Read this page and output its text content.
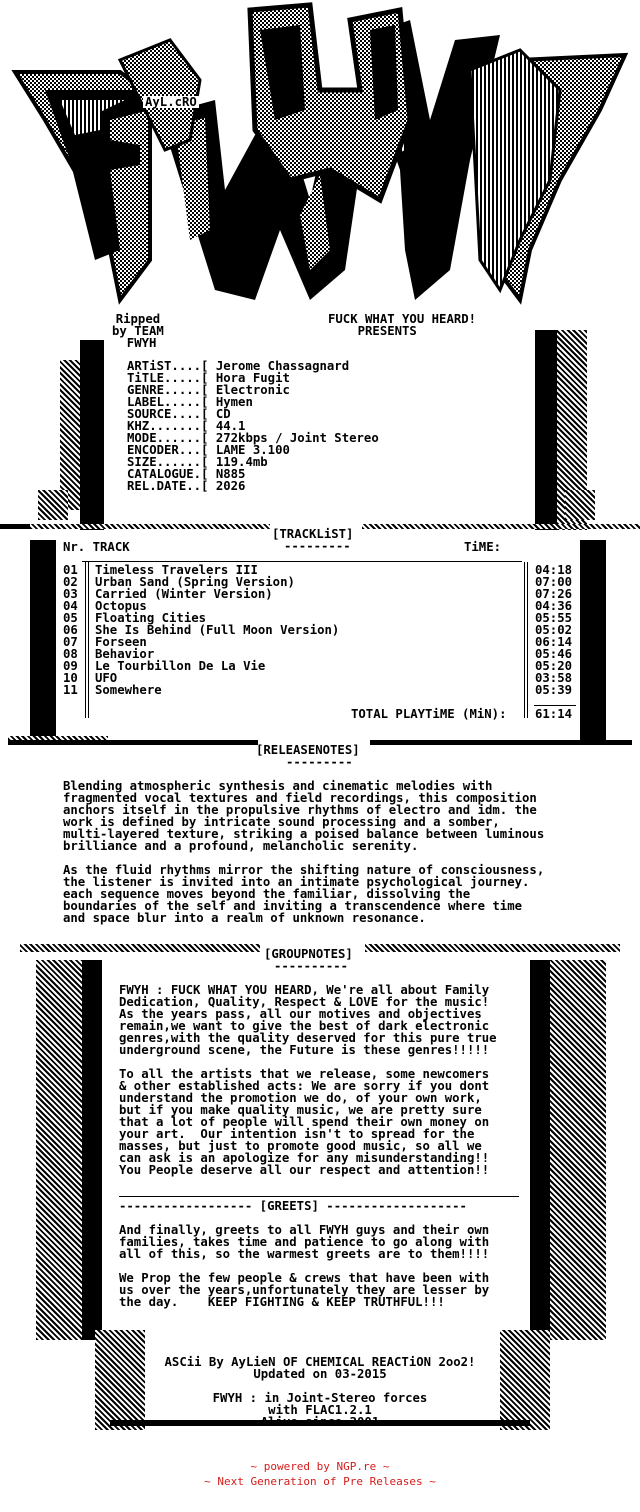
AyL.cRO
Ripped
by TEAM
FWYH
FUCK WHAT YOU HEARD!
PRESENTS
ARTiST....[ Jerome Chassagnard
TiTLE.....[ Hora Fugit
GENRE.....[ Electronic
LABEL.....[ Hymen
SOURCE....[ CD
KHZ.......[ 44.1
MODE......[ 272kbps / Joint Stereo
ENCODER...[ LAME 3.100
SIZE......[ 119.4mb
CATALOGUE.[ N885
REL.DATE..[ 2026
[TRACKLiST]
---------
Nr. TRACK	TiME:
01 Timeless Travelers III	04:18
02 Urban Sand (Spring Version)	07:00
03 Carried (Winter Version)	07:26
04 Octopus	04:36
05 Floating Cities	05:55
06 She Is Behind (Full Moon Version)	05:02
07 Forseen	06:14
08 Behavior	05:46
09 Le Tourbillon De La Vie	05:20
10 UFO	03:58
11 Somewhere	05:39
TOTAL PLAYTiME (MiN): 61:14
[RELEASENOTES]
---------
Blending atmospheric synthesis and cinematic melodies with
fragmented vocal textures and field recordings, this composition
anchors itself in the propulsive rhythms of electro and idm. the
work is defined by intricate sound processing and a somber,
multi-layered texture, striking a poised balance between luminous
brilliance and a profound, melancholic serenity.
As the fluid rhythms mirror the shifting nature of consciousness,
the listener is invited into an intimate psychological journey.
each sequence moves beyond the familiar, dissolving the
boundaries of the self and inviting a transcendence where time
and space blur into a realm of unknown resonance.
[GROUPNOTES]
----------
FWYH : FUCK WHAT YOU HEARD, We're all about Family
Dedication, Quality, Respect & LOVE for the music!
As the years pass, all our motives and objectives
remain,we want to give the best of dark electronic
genres,with the quality deserved for this pure true
underground scene, the Future is these genres!!!!!
To all the artists that we release, some newcomers
& other established acts: We are sorry if you dont
understand the promotion we do, of your own work,
but if you make quality music, we are pretty sure
that a lot of people will spend their own money on
your art.  Our intention isn't to spread for the
masses, but just to promote good music, so all we
can ask is an apologize for any misunderstanding!!
You People deserve all our respect and attention!!
------------------ [GREETS] -------------------
And finally, greets to all FWYH guys and their own
families, takes time and patience to go along with
all of this, so the warmest greets are to them!!!!
We Prop the few people & crews that have been with
us over the years,unfortunately they are lesser by
the day.    KEEP FIGHTING & KEEP TRUTHFUL!!!
ASCii By AyLieN OF CHEMICAL REACTiON 2oo2!
Updated on 03-2015
FWYH : in Joint-Stereo forces
with FLAC1.2.1
Alive since 2001
~ powered by NGP.re ~
~ Next Generation of Pre Releases ~
